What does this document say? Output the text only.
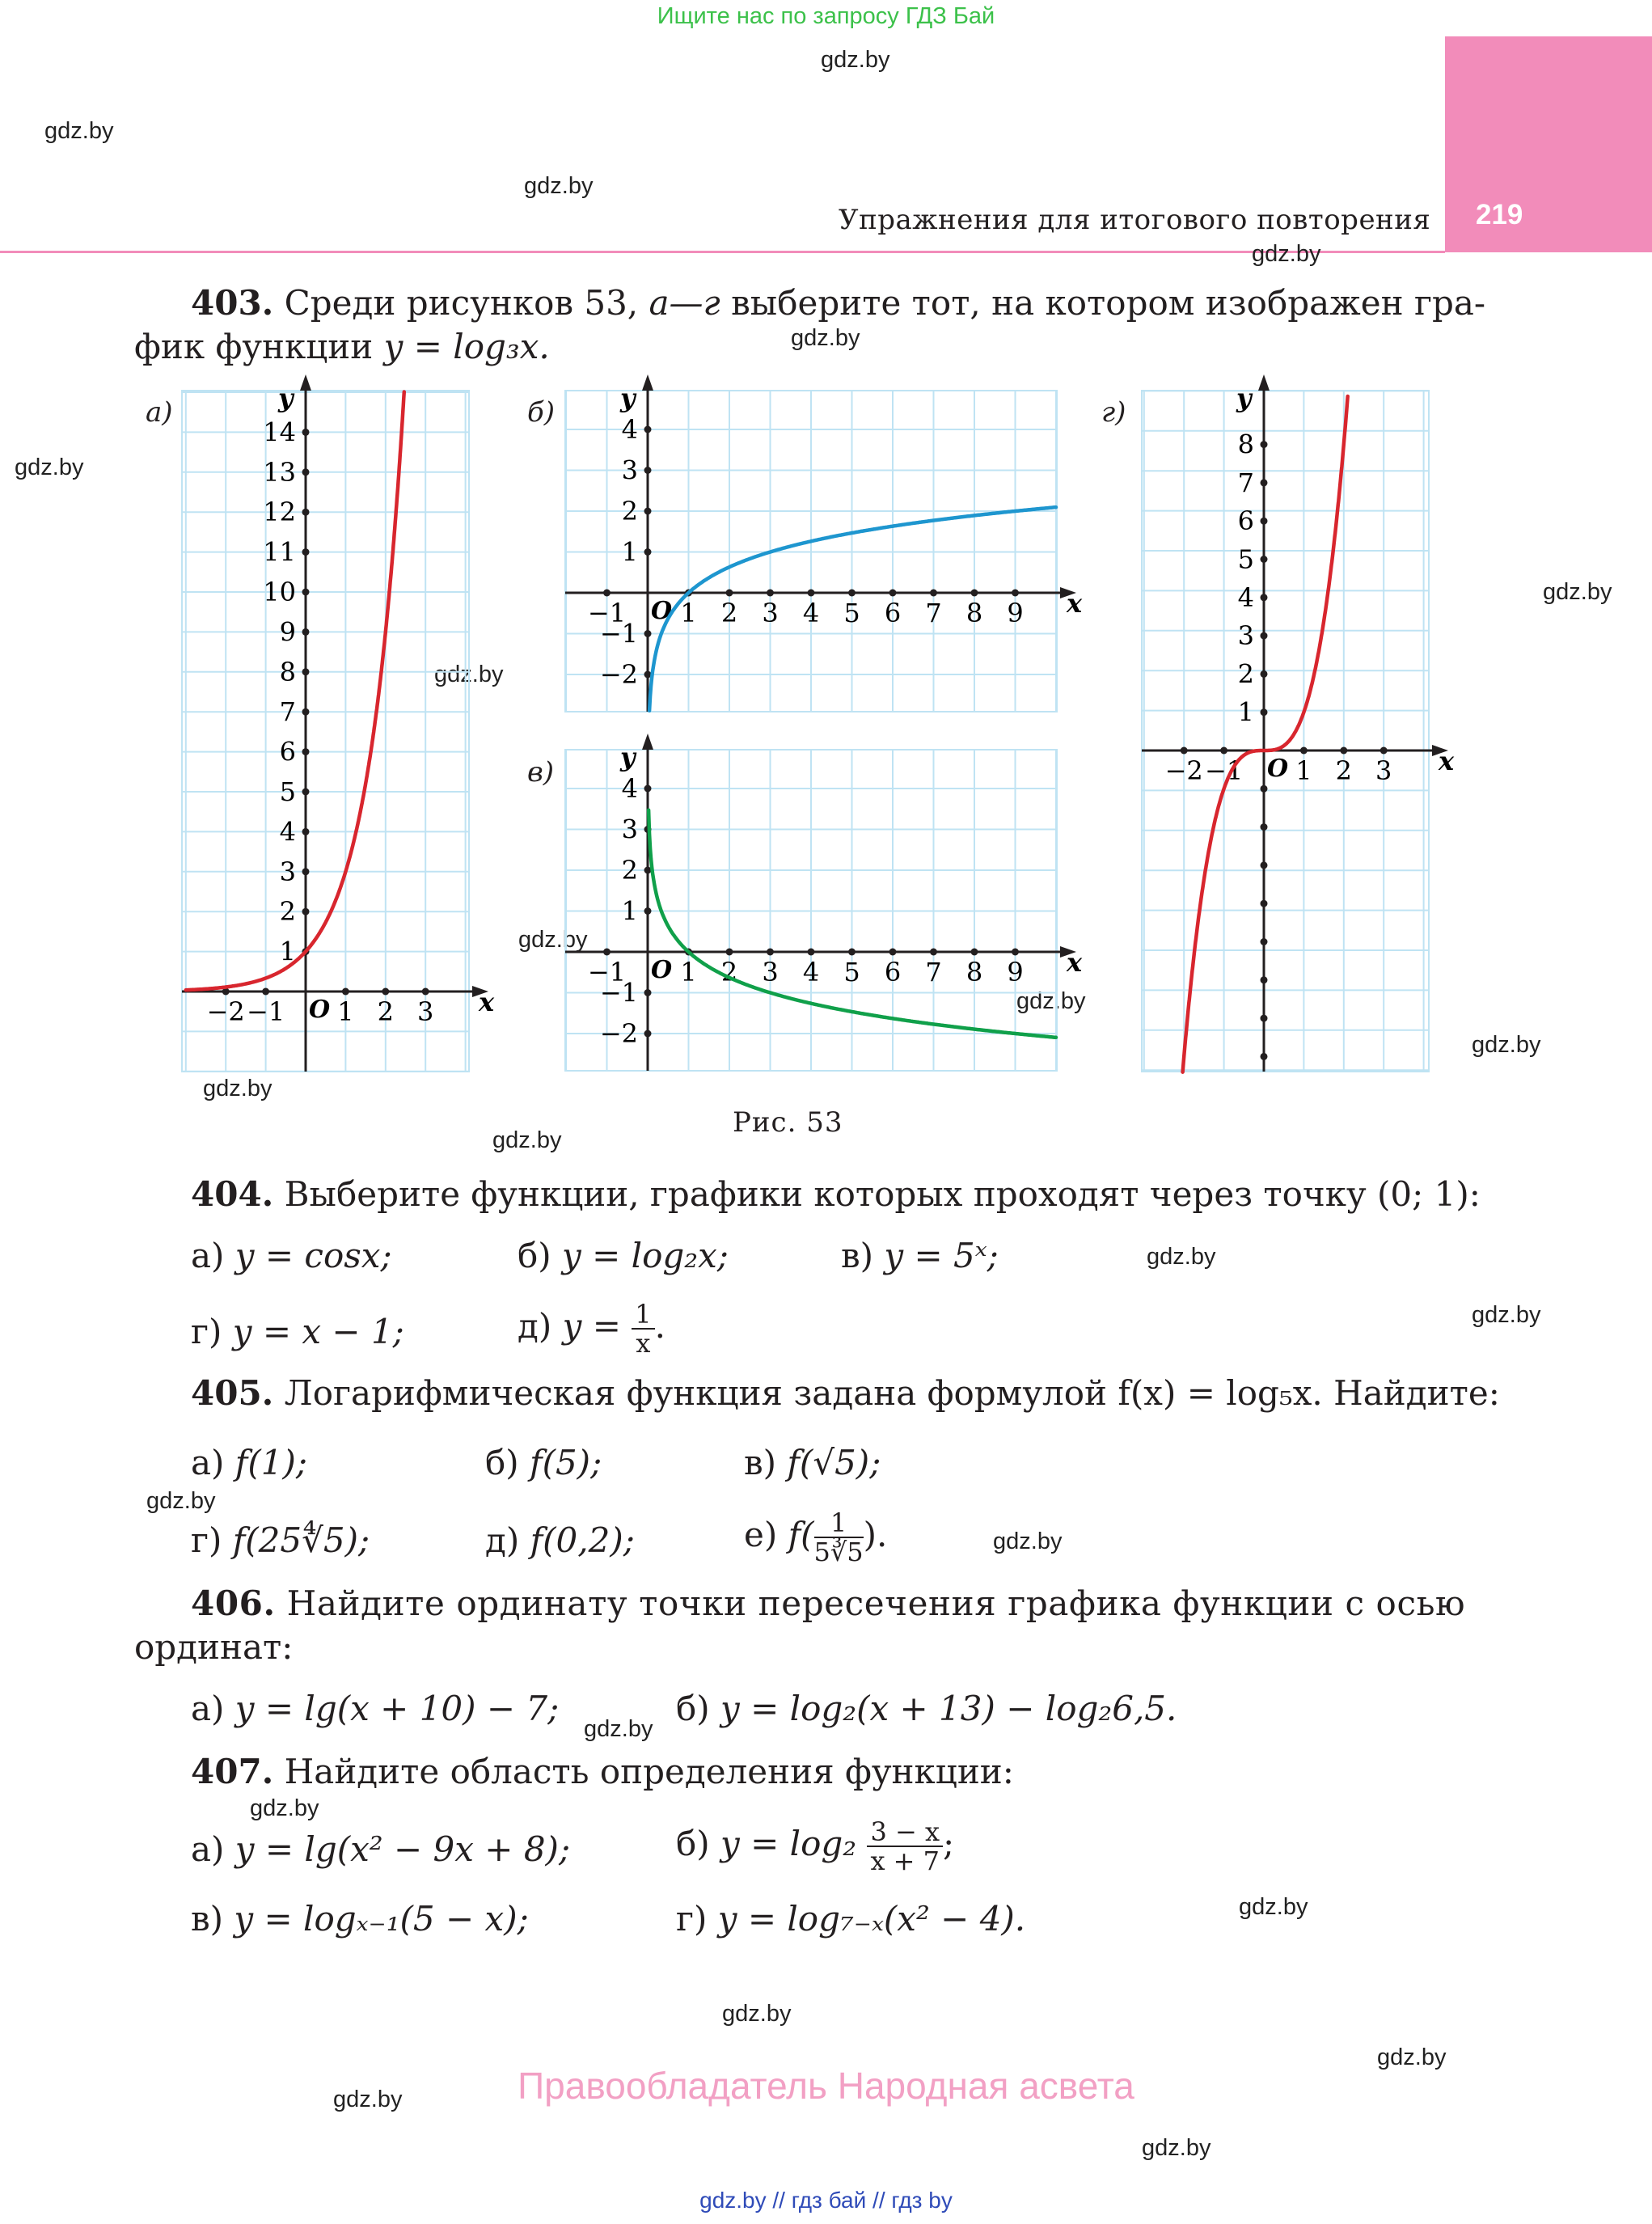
Ищите нас по запросу ГДЗ Бай
219
Упражнения для итогового повторения
gdz.by
gdz.by
gdz.by
gdz.by
gdz.by
gdz.by
gdz.by
gdz.by
gdz.by
gdz.by
gdz.by
gdz.by
gdz.by
gdz.by
gdz.by
gdz.by
gdz.by
gdz.by
gdz.by
gdz.by
gdz.by
gdz.by
gdz.by
gdz.by
403. Среди рисунков 53, а—г выберите тот, на котором изображен гра-
фик функции y = log₃x.
x
y
O
−2 −1 1 2 3
1
2
3
4
5
6
7
8
9
10
11
12
13
14
x
y
O
−1 1 2 3 4 5 6 7 8 9
−2
−1
1
2
3
4
x
y
O
−1 1 2 3 4 5 6 7 8 9
−2
−1
1
2
3
4
x
y
O
−2 −1 1 2 3
1
2
3
4
5
6
7
8
а)	б)
в)
г)
Рис. 53
404. Выберите функции, графики которых проходят через точку (0; 1):
а) y = cosx;	б) y = log₂x;	в) y = 5ˣ;
г) y = x − 1;	д) $y = \frac{1}{x}$ .
405. Логарифмическая функция задана формулой f(x) = log₅x. Найдите:
а) f(1);	б) f(5);	в) f(√5);
г) f(25∜5);	д) f(0,2);	е) $f( \frac{1}{5∛5}$ ).
406. Найдите ординату точки пересечения графика функции с осью
ординат:
а) y = lg(x + 10) − 7;	б) y = log₂(x + 13) − log₂6,5.
407. Найдите область определения функции:
а) y = lg(x² − 9x + 8);	б) $y = \log_2 \frac{3 - x}{x + 7}$ ;
в) y = logₓ₋₁(5 − x);	г) y = log₇₋ₓ(x² − 4).
Правообладатель Народная асвета
gdz.by // гдз бай // гдз by
